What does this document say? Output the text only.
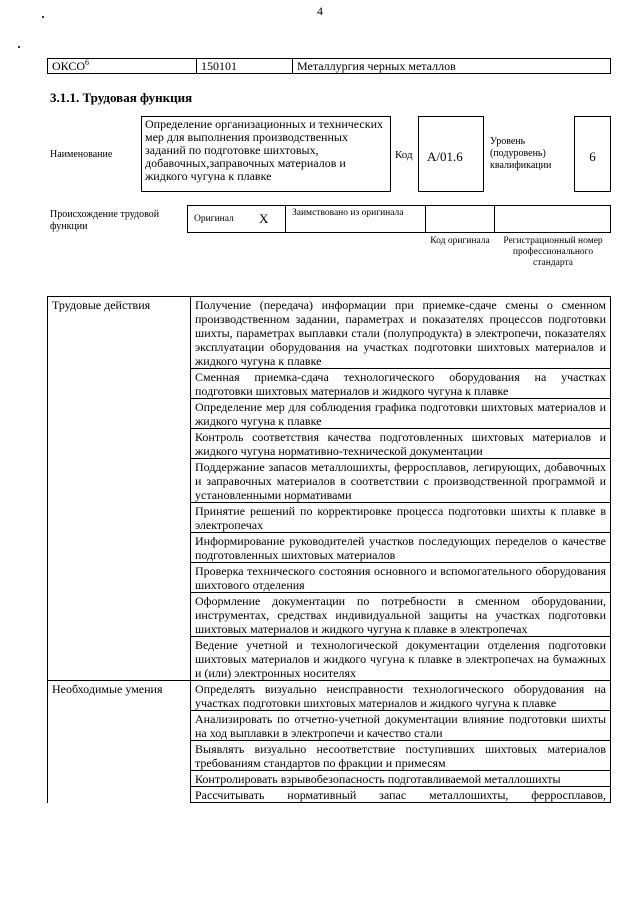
4
ОКСО$^6$	150101	Металлургия черных металлов
3.1.1. Трудовая функция
Наименование
Определение организационных и технических мер для выполнения производственных заданий по подготовке шихтовых, добавочных,заправочных материалов и жидкого чугуна к плавке
Код A/01.6
Уровень (подуровень) квалификации
6
Происхождение трудовой функции
Оригинал X Заимствовано из оригинала
Код оригинала	Регистрационный номер профессионального стандарта
Трудовые действия	Получение (передача) информации при приемке-сдаче смены о сменном производственном задании, параметрах и показателях процессов подготовки шихты, параметрах выплавки стали (полупродукта) в электропечи, показателях эксплуатации оборудования на участках подготовки шихтовых материалов и жидкого чугуна к плавке
	Сменная приемка-сдача технологического оборудования на участках подготовки шихтовых материалов и жидкого чугуна к плавке
	Определение мер для соблюдения графика подготовки шихтовых материалов и жидкого чугуна к плавке
	Контроль соответствия качества подготовленных шихтовых материалов и жидкого чугуна нормативно-технической документации
	Поддержание запасов металлошихты, ферросплавов, легирующих, добавочных и заправочных материалов в соответствии с производственной программой и установленными нормативами
	Принятие решений по корректировке процесса подготовки шихты к плавке в электропечах
	Информирование руководителей участков последующих переделов о качестве подготовленных шихтовых материалов
	Проверка технического состояния основного и вспомогательного оборудования шихтового отделения
	Оформление документации по потребности в сменном оборудовании, инструментах, средствах индивидуальной защиты на участках подготовки шихтовых материалов и жидкого чугуна к плавке в электропечах
	Ведение учетной и технологической документации отделения подготовки шихтовых материалов и жидкого чугуна к плавке в электропечах на бумажных и (или) электронных носителях
Необходимые умения	Определять визуально неисправности технологического оборудования на участках подготовки шихтовых материалов и жидкого чугуна к плавке
	Анализировать по отчетно-учетной документации влияние подготовки шихты на ход выплавки в электропечи и качество стали
	Выявлять визуально несоответствие поступивших шихтовых материалов требованиям стандартов по фракции и примесям
	Контролировать взрывобезопасность подготавливаемой металлошихты
	Рассчитывать нормативный запас металлошихты, ферросплавов,
